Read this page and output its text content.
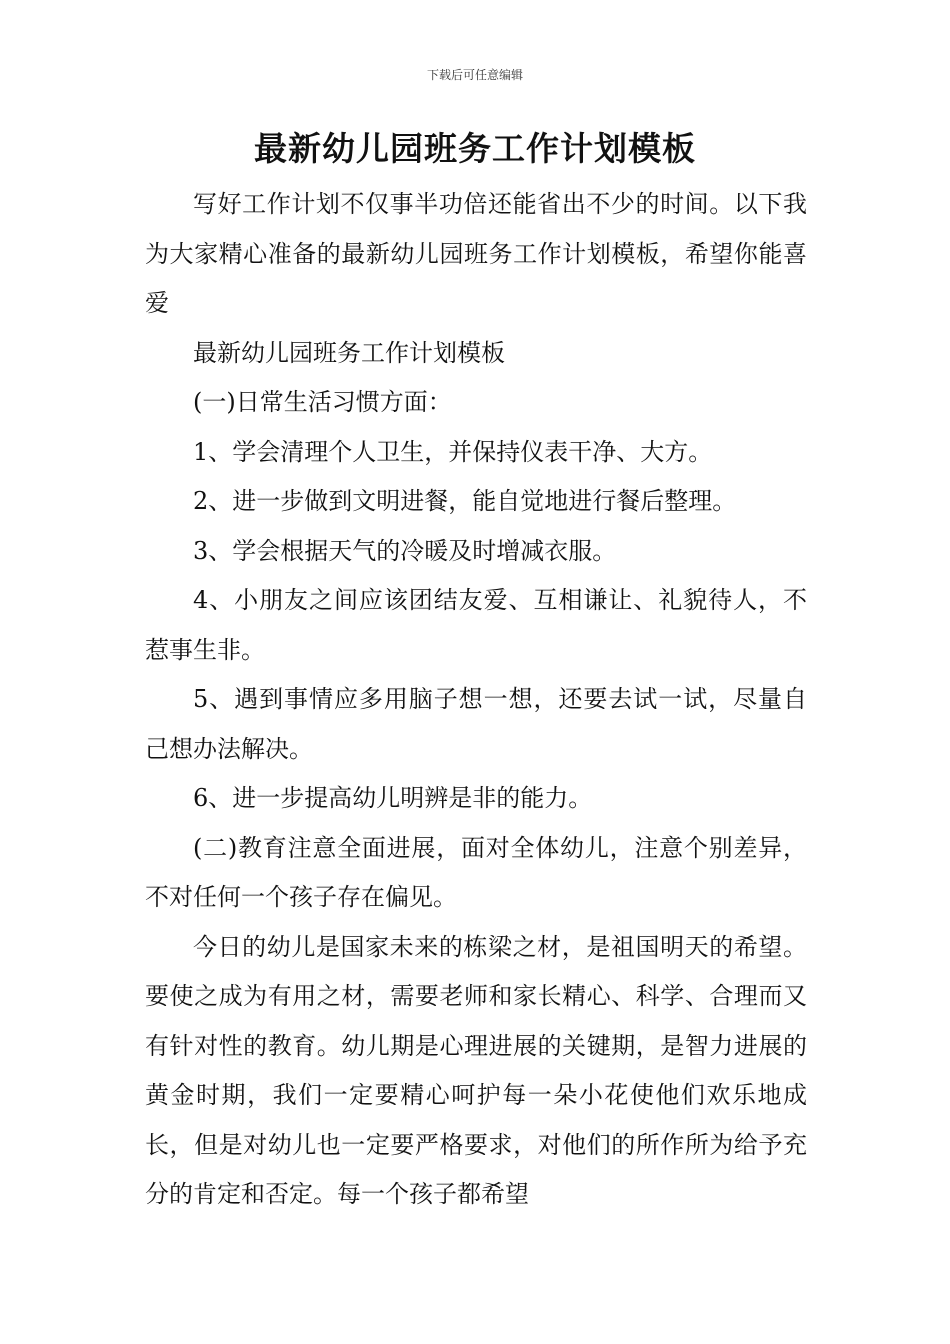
下载后可任意编辑
最新幼儿园班务工作计划模板

写好工作计划不仅事半功倍还能省出不少的时间。以下我为大家精心准备的最新幼儿园班务工作计划模板，希望你能喜爱

最新幼儿园班务工作计划模板

(一)日常生活习惯方面：

1、学会清理个人卫生，并保持仪表干净、大方。

2、进一步做到文明进餐，能自觉地进行餐后整理。

3、学会根据天气的冷暖及时增减衣服。

4、小朋友之间应该团结友爱、互相谦让、礼貌待人，不惹事生非。

5、遇到事情应多用脑子想一想，还要去试一试，尽量自己想办法解决。

6、进一步提高幼儿明辨是非的能力。

(二)教育注意全面进展，面对全体幼儿，注意个别差异，不对任何一个孩子存在偏见。

今日的幼儿是国家未来的栋梁之材，是祖国明天的希望。要使之成为有用之材，需要老师和家长精心、科学、合理而又有针对性的教育。幼儿期是心理进展的关键期，是智力进展的黄金时期，我们一定要精心呵护每一朵小花使他们欢乐地成长，但是对幼儿也一定要严格要求，对他们的所作所为给予充分的肯定和否定。每一个孩子都希望
